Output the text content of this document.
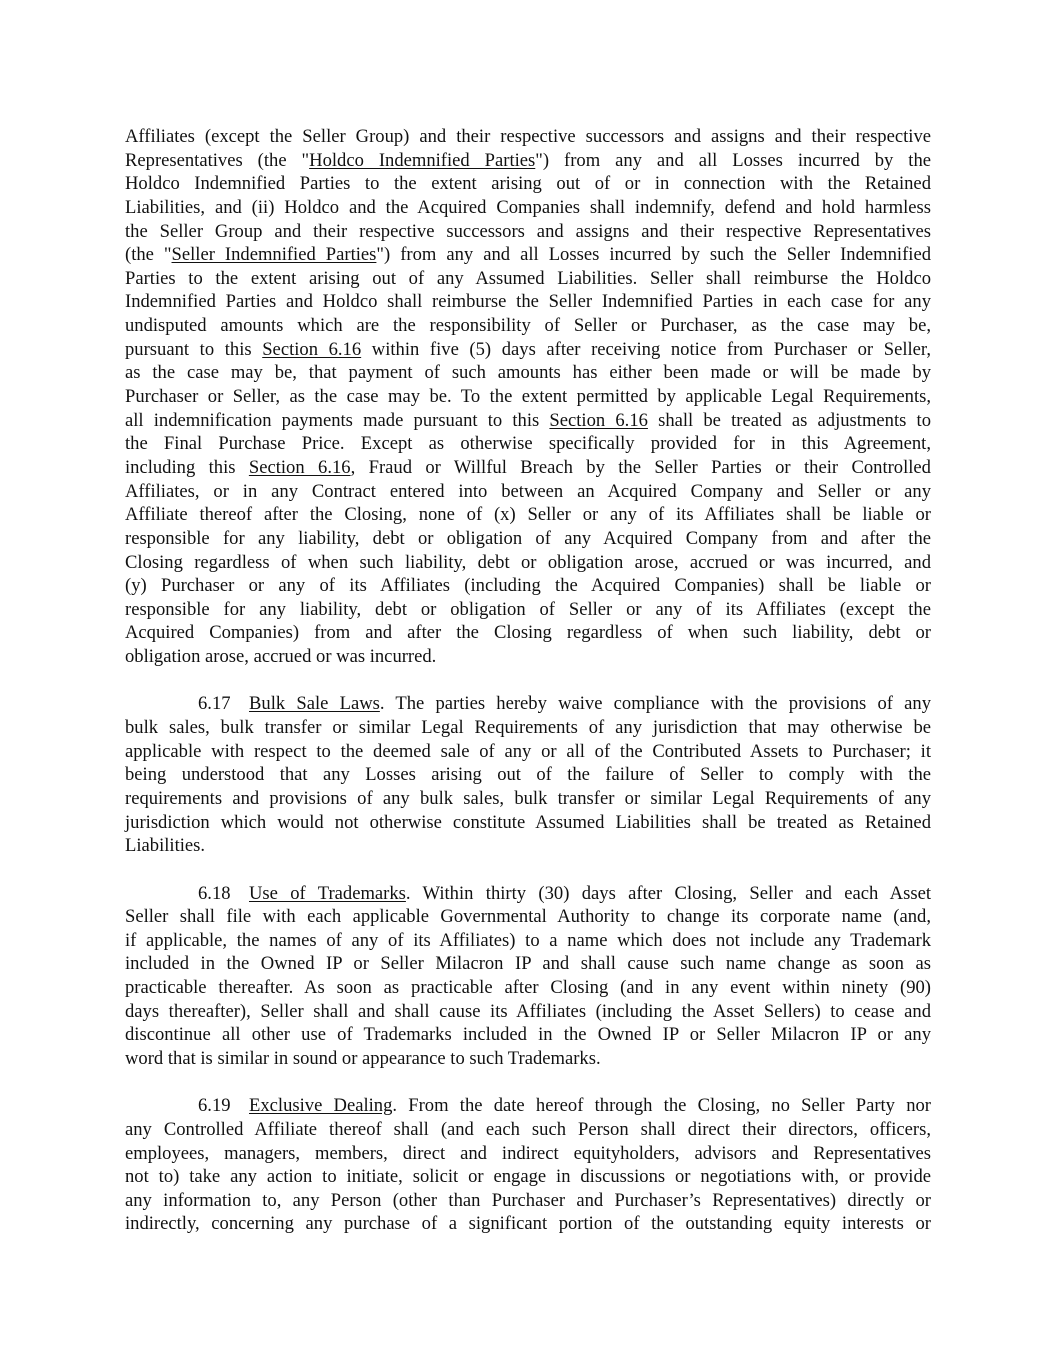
Affiliates (except the Seller Group) and their respective successors and assigns and their respective
Representatives (the "Holdco Indemnified Parties") from any and all Losses incurred by the
Holdco Indemnified Parties to the extent arising out of or in connection with the Retained
Liabilities, and (ii) Holdco and the Acquired Companies shall indemnify, defend and hold harmless
the Seller Group and their respective successors and assigns and their respective Representatives
(the "Seller Indemnified Parties") from any and all Losses incurred by such the Seller Indemnified
Parties to the extent arising out of any Assumed Liabilities. Seller shall reimburse the Holdco
Indemnified Parties and Holdco shall reimburse the Seller Indemnified Parties in each case for any
undisputed amounts which are the responsibility of Seller or Purchaser, as the case may be,
pursuant to this Section 6.16 within five (5) days after receiving notice from Purchaser or Seller,
as the case may be, that payment of such amounts has either been made or will be made by
Purchaser or Seller, as the case may be. To the extent permitted by applicable Legal Requirements,
all indemnification payments made pursuant to this Section 6.16 shall be treated as adjustments to
the Final Purchase Price. Except as otherwise specifically provided for in this Agreement,
including this Section 6.16, Fraud or Willful Breach by the Seller Parties or their Controlled
Affiliates, or in any Contract entered into between an Acquired Company and Seller or any
Affiliate thereof after the Closing, none of (x) Seller or any of its Affiliates shall be liable or
responsible for any liability, debt or obligation of any Acquired Company from and after the
Closing regardless of when such liability, debt or obligation arose, accrued or was incurred, and
(y) Purchaser or any of its Affiliates (including the Acquired Companies) shall be liable or
responsible for any liability, debt or obligation of Seller or any of its Affiliates (except the
Acquired Companies) from and after the Closing regardless of when such liability, debt or
obligation arose, accrued or was incurred.
6.17 Bulk Sale Laws. The parties hereby waive compliance with the provisions of any
bulk sales, bulk transfer or similar Legal Requirements of any jurisdiction that may otherwise be
applicable with respect to the deemed sale of any or all of the Contributed Assets to Purchaser; it
being understood that any Losses arising out of the failure of Seller to comply with the
requirements and provisions of any bulk sales, bulk transfer or similar Legal Requirements of any
jurisdiction which would not otherwise constitute Assumed Liabilities shall be treated as Retained
Liabilities.
6.18 Use of Trademarks. Within thirty (30) days after Closing, Seller and each Asset
Seller shall file with each applicable Governmental Authority to change its corporate name (and,
if applicable, the names of any of its Affiliates) to a name which does not include any Trademark
included in the Owned IP or Seller Milacron IP and shall cause such name change as soon as
practicable thereafter. As soon as practicable after Closing (and in any event within ninety (90)
days thereafter), Seller shall and shall cause its Affiliates (including the Asset Sellers) to cease and
discontinue all other use of Trademarks included in the Owned IP or Seller Milacron IP or any
word that is similar in sound or appearance to such Trademarks.
6.19 Exclusive Dealing. From the date hereof through the Closing, no Seller Party nor
any Controlled Affiliate thereof shall (and each such Person shall direct their directors, officers,
employees, managers, members, direct and indirect equityholders, advisors and Representatives
not to) take any action to initiate, solicit or engage in discussions or negotiations with, or provide
any information to, any Person (other than Purchaser and Purchaser’s Representatives) directly or
indirectly, concerning any purchase of a significant portion of the outstanding equity interests or
